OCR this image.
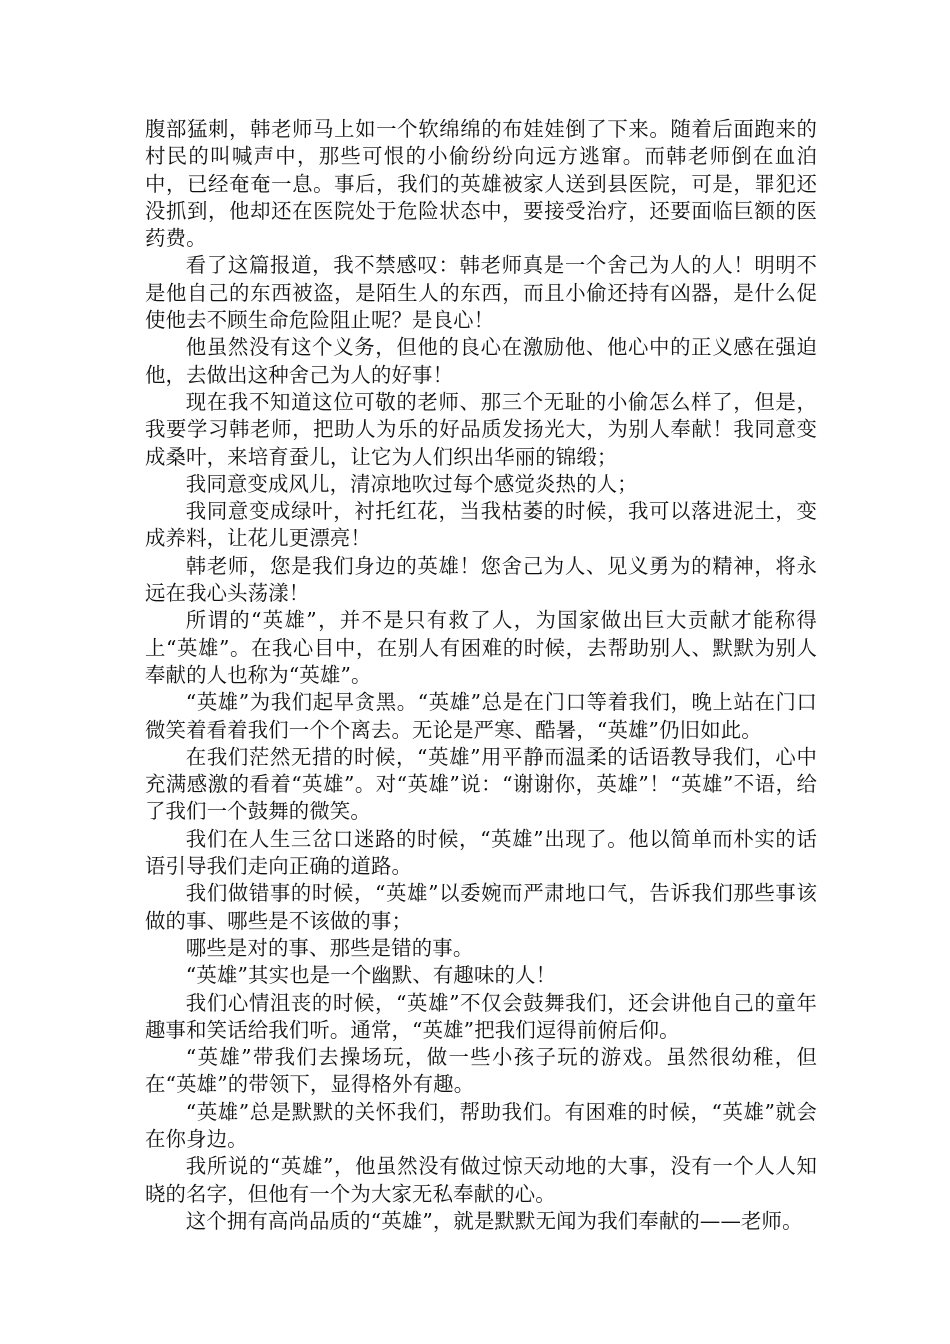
腹部猛刺，韩老师马上如一个软绵绵的布娃娃倒了下来。随着后面跑来的村民的叫喊声中，那些可恨的小偷纷纷向远方逃窜。而韩老师倒在血泊中，已经奄奄一息。事后，我们的英雄被家人送到县医院，可是，罪犯还没抓到，他却还在医院处于危险状态中，要接受治疗，还要面临巨额的医药费。

看了这篇报道，我不禁感叹：韩老师真是一个舍己为人的人！明明不是他自己的东西被盗，是陌生人的东西，而且小偷还持有凶器，是什么促使他去不顾生命危险阻止呢？是良心！

他虽然没有这个义务，但他的良心在激励他、他心中的正义感在强迫他，去做出这种舍己为人的好事！

现在我不知道这位可敬的老师、那三个无耻的小偷怎么样了，但是，我要学习韩老师，把助人为乐的好品质发扬光大，为别人奉献！我同意变成桑叶，来培育蚕儿，让它为人们织出华丽的锦缎；

我同意变成风儿，清凉地吹过每个感觉炎热的人；

我同意变成绿叶，衬托红花，当我枯萎的时候，我可以落进泥土，变成养料，让花儿更漂亮！

韩老师，您是我们身边的英雄！您舍己为人、见义勇为的精神，将永远在我心头荡漾！

所谓的“英雄”，并不是只有救了人，为国家做出巨大贡献才能称得上“英雄”。在我心目中，在别人有困难的时候，去帮助别人、默默为别人奉献的人也称为“英雄”。

“英雄”为我们起早贪黑。“英雄”总是在门口等着我们，晚上站在门口微笑着看着我们一个个离去。无论是严寒、酷暑，“英雄”仍旧如此。

在我们茫然无措的时候，“英雄”用平静而温柔的话语教导我们，心中充满感激的看着“英雄”。对“英雄”说：“谢谢你，英雄”！“英雄”不语，给了我们一个鼓舞的微笑。

我们在人生三岔口迷路的时候，“英雄”出现了。他以简单而朴实的话语引导我们走向正确的道路。

我们做错事的时候，“英雄”以委婉而严肃地口气，告诉我们那些事该做的事、哪些是不该做的事；

哪些是对的事、那些是错的事。

“英雄”其实也是一个幽默、有趣味的人！

我们心情沮丧的时候，“英雄”不仅会鼓舞我们，还会讲他自己的童年趣事和笑话给我们听。通常，“英雄”把我们逗得前俯后仰。

“英雄”带我们去操场玩，做一些小孩子玩的游戏。虽然很幼稚，但在“英雄”的带领下，显得格外有趣。

“英雄”总是默默的关怀我们，帮助我们。有困难的时候，“英雄”就会在你身边。

我所说的“英雄”，他虽然没有做过惊天动地的大事，没有一个人人知晓的名字，但他有一个为大家无私奉献的心。

这个拥有高尚品质的“英雄”，就是默默无闻为我们奉献的——老师。
